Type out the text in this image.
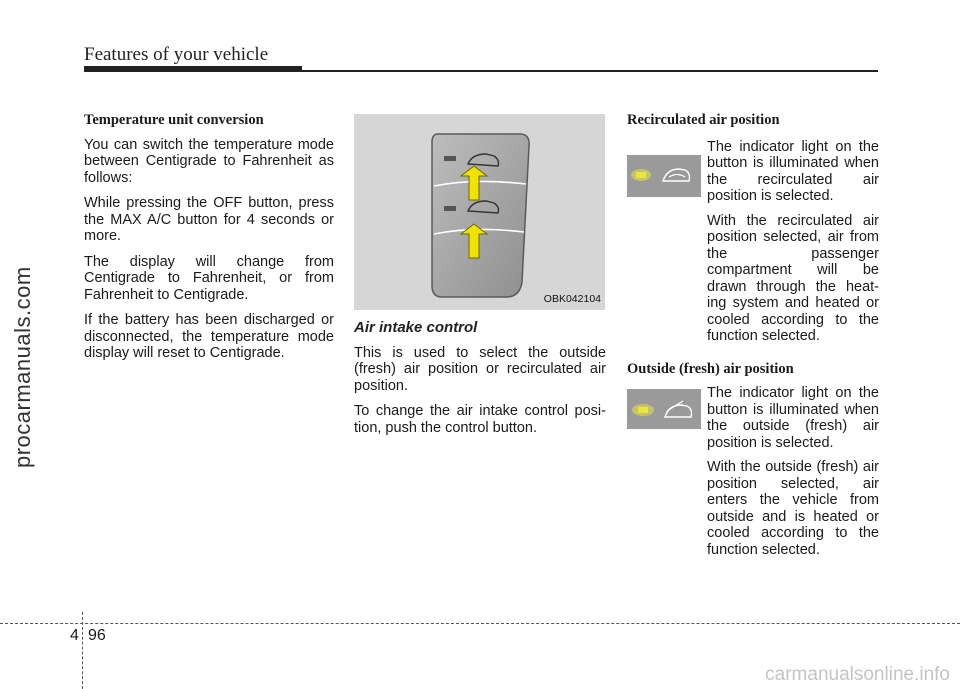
Features of your vehicle
Temperature unit conversion

You can switch the temperature mode between Centigrade to Fahrenheit as follows:

While pressing the OFF button, press the MAX A/C button for 4 seconds or more.

The display will change from Centigrade to Fahrenheit, or from Fahrenheit to Centigrade.

If the battery has been discharged or disconnected, the temperature mode display will reset to Centigrade.

OBK042104
Air intake control

This is used to select the outside (fresh) air position or recirculated air position.

To change the air intake control posi-tion, push the control button.

Recirculated air position

The indicator light on the button is illuminated when the recirculated air position is selected.

With the recirculated air position selected, air from the passenger compartment will be drawn through the heat-ing system and heated or cooled according to the function selected.

Outside (fresh) air position

The indicator light on the button is illuminated when the outside (fresh) air position is selected.

With the outside (fresh) air position selected, air enters the vehicle from outside and is heated or cooled according to the function selected.

4 96
procarmanuals.com
carmanualsonline.info
